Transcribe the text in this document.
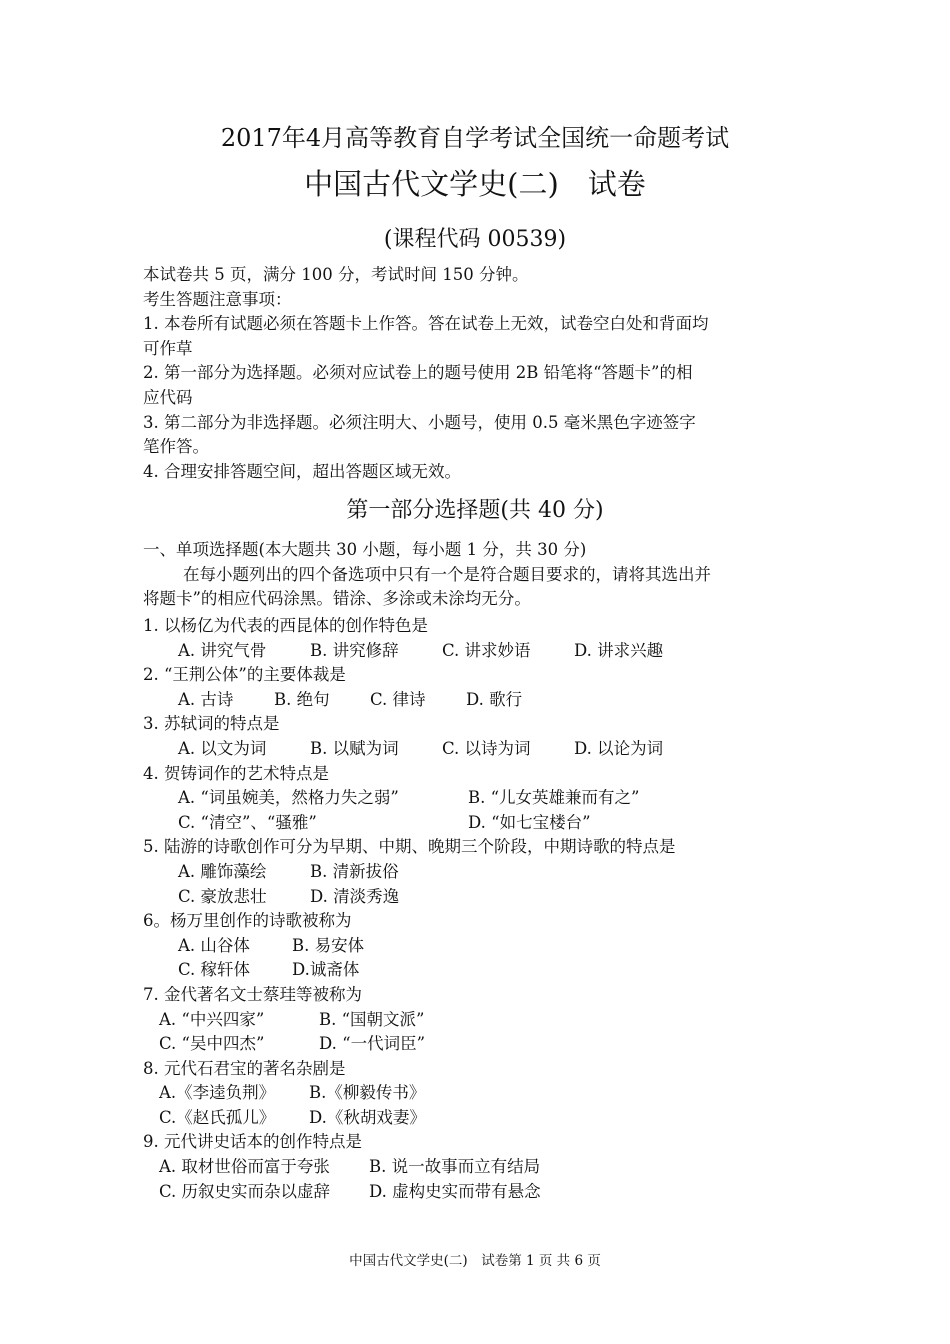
2017年4月高等教育自学考试全国统一命题考试
中国古代文学史(二)　试卷
(课程代码 00539)
本试卷共 5 页，满分 100 分，考试时间 150 分钟。
考生答题注意事项：
1. 本卷所有试题必须在答题卡上作答。答在试卷上无效，试卷空白处和背面均
可作草
2. 第一部分为选择题。必须对应试卷上的题号使用 2B 铅笔将“答题卡”的相
应代码
3. 第二部分为非选择题。必须注明大、小题号，使用 0.5 毫米黑色字迹签字
笔作答。
4. 合理安排答题空间，超出答题区域无效。
第一部分选择题(共 40 分)
一、单项选择题(本大题共 30 小题，每小题 1 分，共 30 分)
在每小题列出的四个备选项中只有一个是符合题目要求的，请将其选出并
将题卡”的相应代码涂黑。错涂、多涂或未涂均无分。
1. 以杨亿为代表的西昆体的创作特色是
A. 讲究气骨	B. 讲究修辞	C. 讲求妙语	D. 讲求兴趣
2. “王荆公体”的主要体裁是
A. 古诗 B. 绝句 C. 律诗 D. 歌行
3. 苏轼词的特点是
A. 以文为词	B. 以赋为词	C. 以诗为词	D. 以论为词
4. 贺铸词作的艺术特点是
A. “词虽婉美，然格力失之弱”	B. “儿女英雄兼而有之”
C. “清空”、“骚雅”	D. “如七宝楼台”
5. 陆游的诗歌创作可分为早期、中期、晚期三个阶段，中期诗歌的特点是
A. 雕饰藻绘	B. 清新拔俗
C. 豪放悲壮	D. 清淡秀逸
6。杨万里创作的诗歌被称为
A. 山谷体	B. 易安体
C. 稼轩体	D.诚斋体
7. 金代著名文士蔡珪等被称为
A. “中兴四家”	B. “国朝文派”
C. “吴中四杰”	D. “一代词臣”
8. 元代石君宝的著名杂剧是
A.《李逵负荆》 B.《柳毅传书》
C.《赵氏孤儿》 D.《秋胡戏妻》
9. 元代讲史话本的创作特点是
A. 取材世俗而富于夸张 B. 说一故事而立有结局
C. 历叙史实而杂以虚辞 D. 虚构史实而带有悬念
中国古代文学史(二)　试卷第 1 页 共 6 页
